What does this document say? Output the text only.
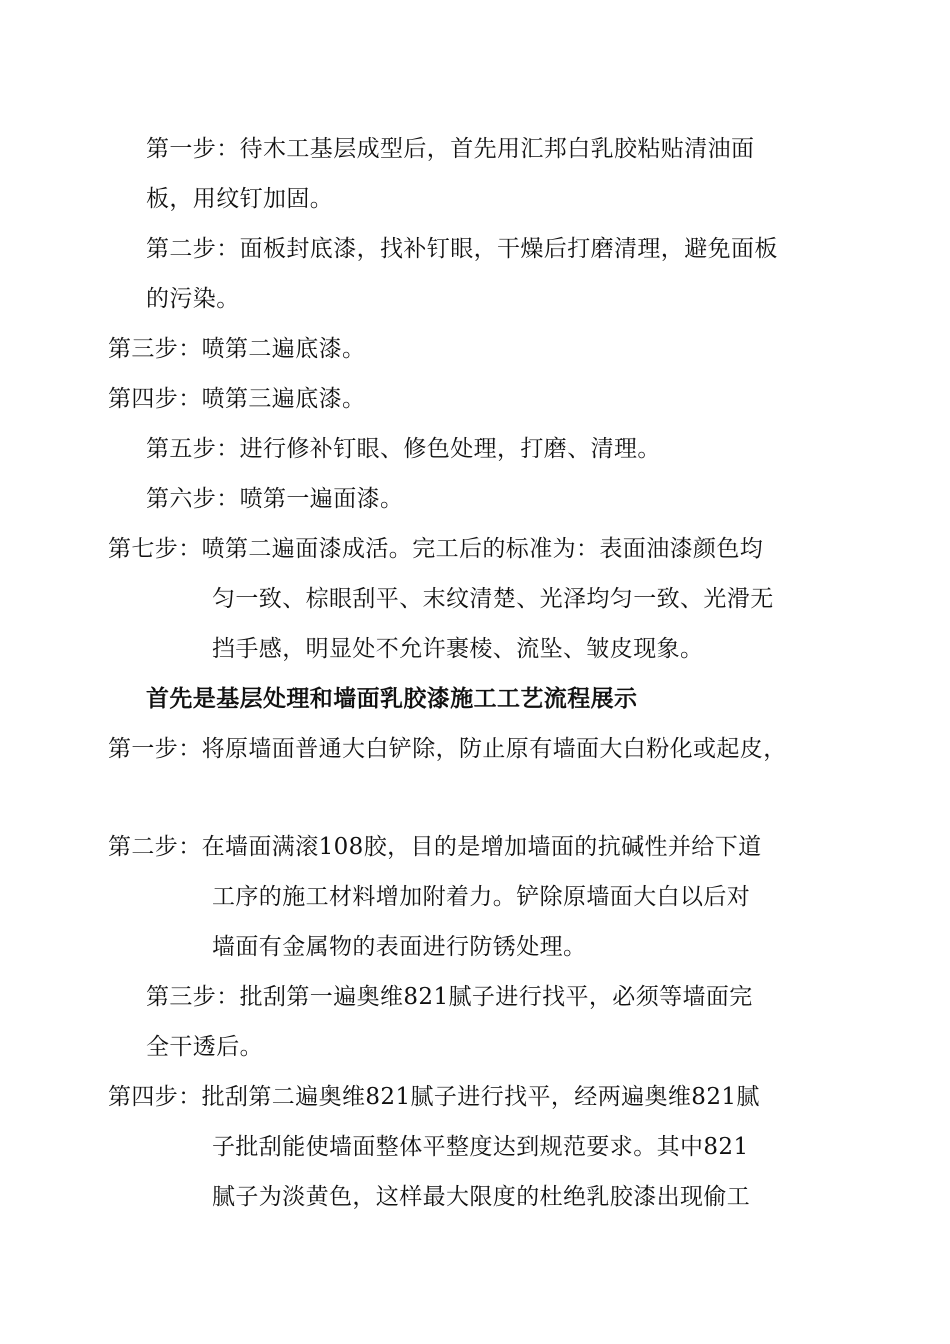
第一步：待木工基层成型后，首先用汇邦白乳胶粘贴清油面
板，用纹钉加固。
第二步：面板封底漆，找补钉眼，干燥后打磨清理，避免面板
的污染。
第三步：喷第二遍底漆。
第四步：喷第三遍底漆。
第五步：进行修补钉眼、修色处理，打磨、清理。
第六步：喷第一遍面漆。
第七步：喷第二遍面漆成活。完工后的标准为：表面油漆颜色均
匀一致、棕眼刮平、末纹清楚、光泽均匀一致、光滑无
挡手感，明显处不允许裹棱、流坠、皱皮现象。
首先是基层处理和墙面乳胶漆施工工艺流程展示
第一步：将原墙面普通大白铲除，防止原有墙面大白粉化或起皮，
第二步：在墙面满滚108胶，目的是增加墙面的抗碱性并给下道
工序的施工材料增加附着力。铲除原墙面大白以后对
墙面有金属物的表面进行防锈处理。
第三步：批刮第一遍奥维821腻子进行找平，必须等墙面完
全干透后。
第四步：批刮第二遍奥维821腻子进行找平，经两遍奥维821腻
子批刮能使墙面整体平整度达到规范要求。其中821
腻子为淡黄色，这样最大限度的杜绝乳胶漆出现偷工
